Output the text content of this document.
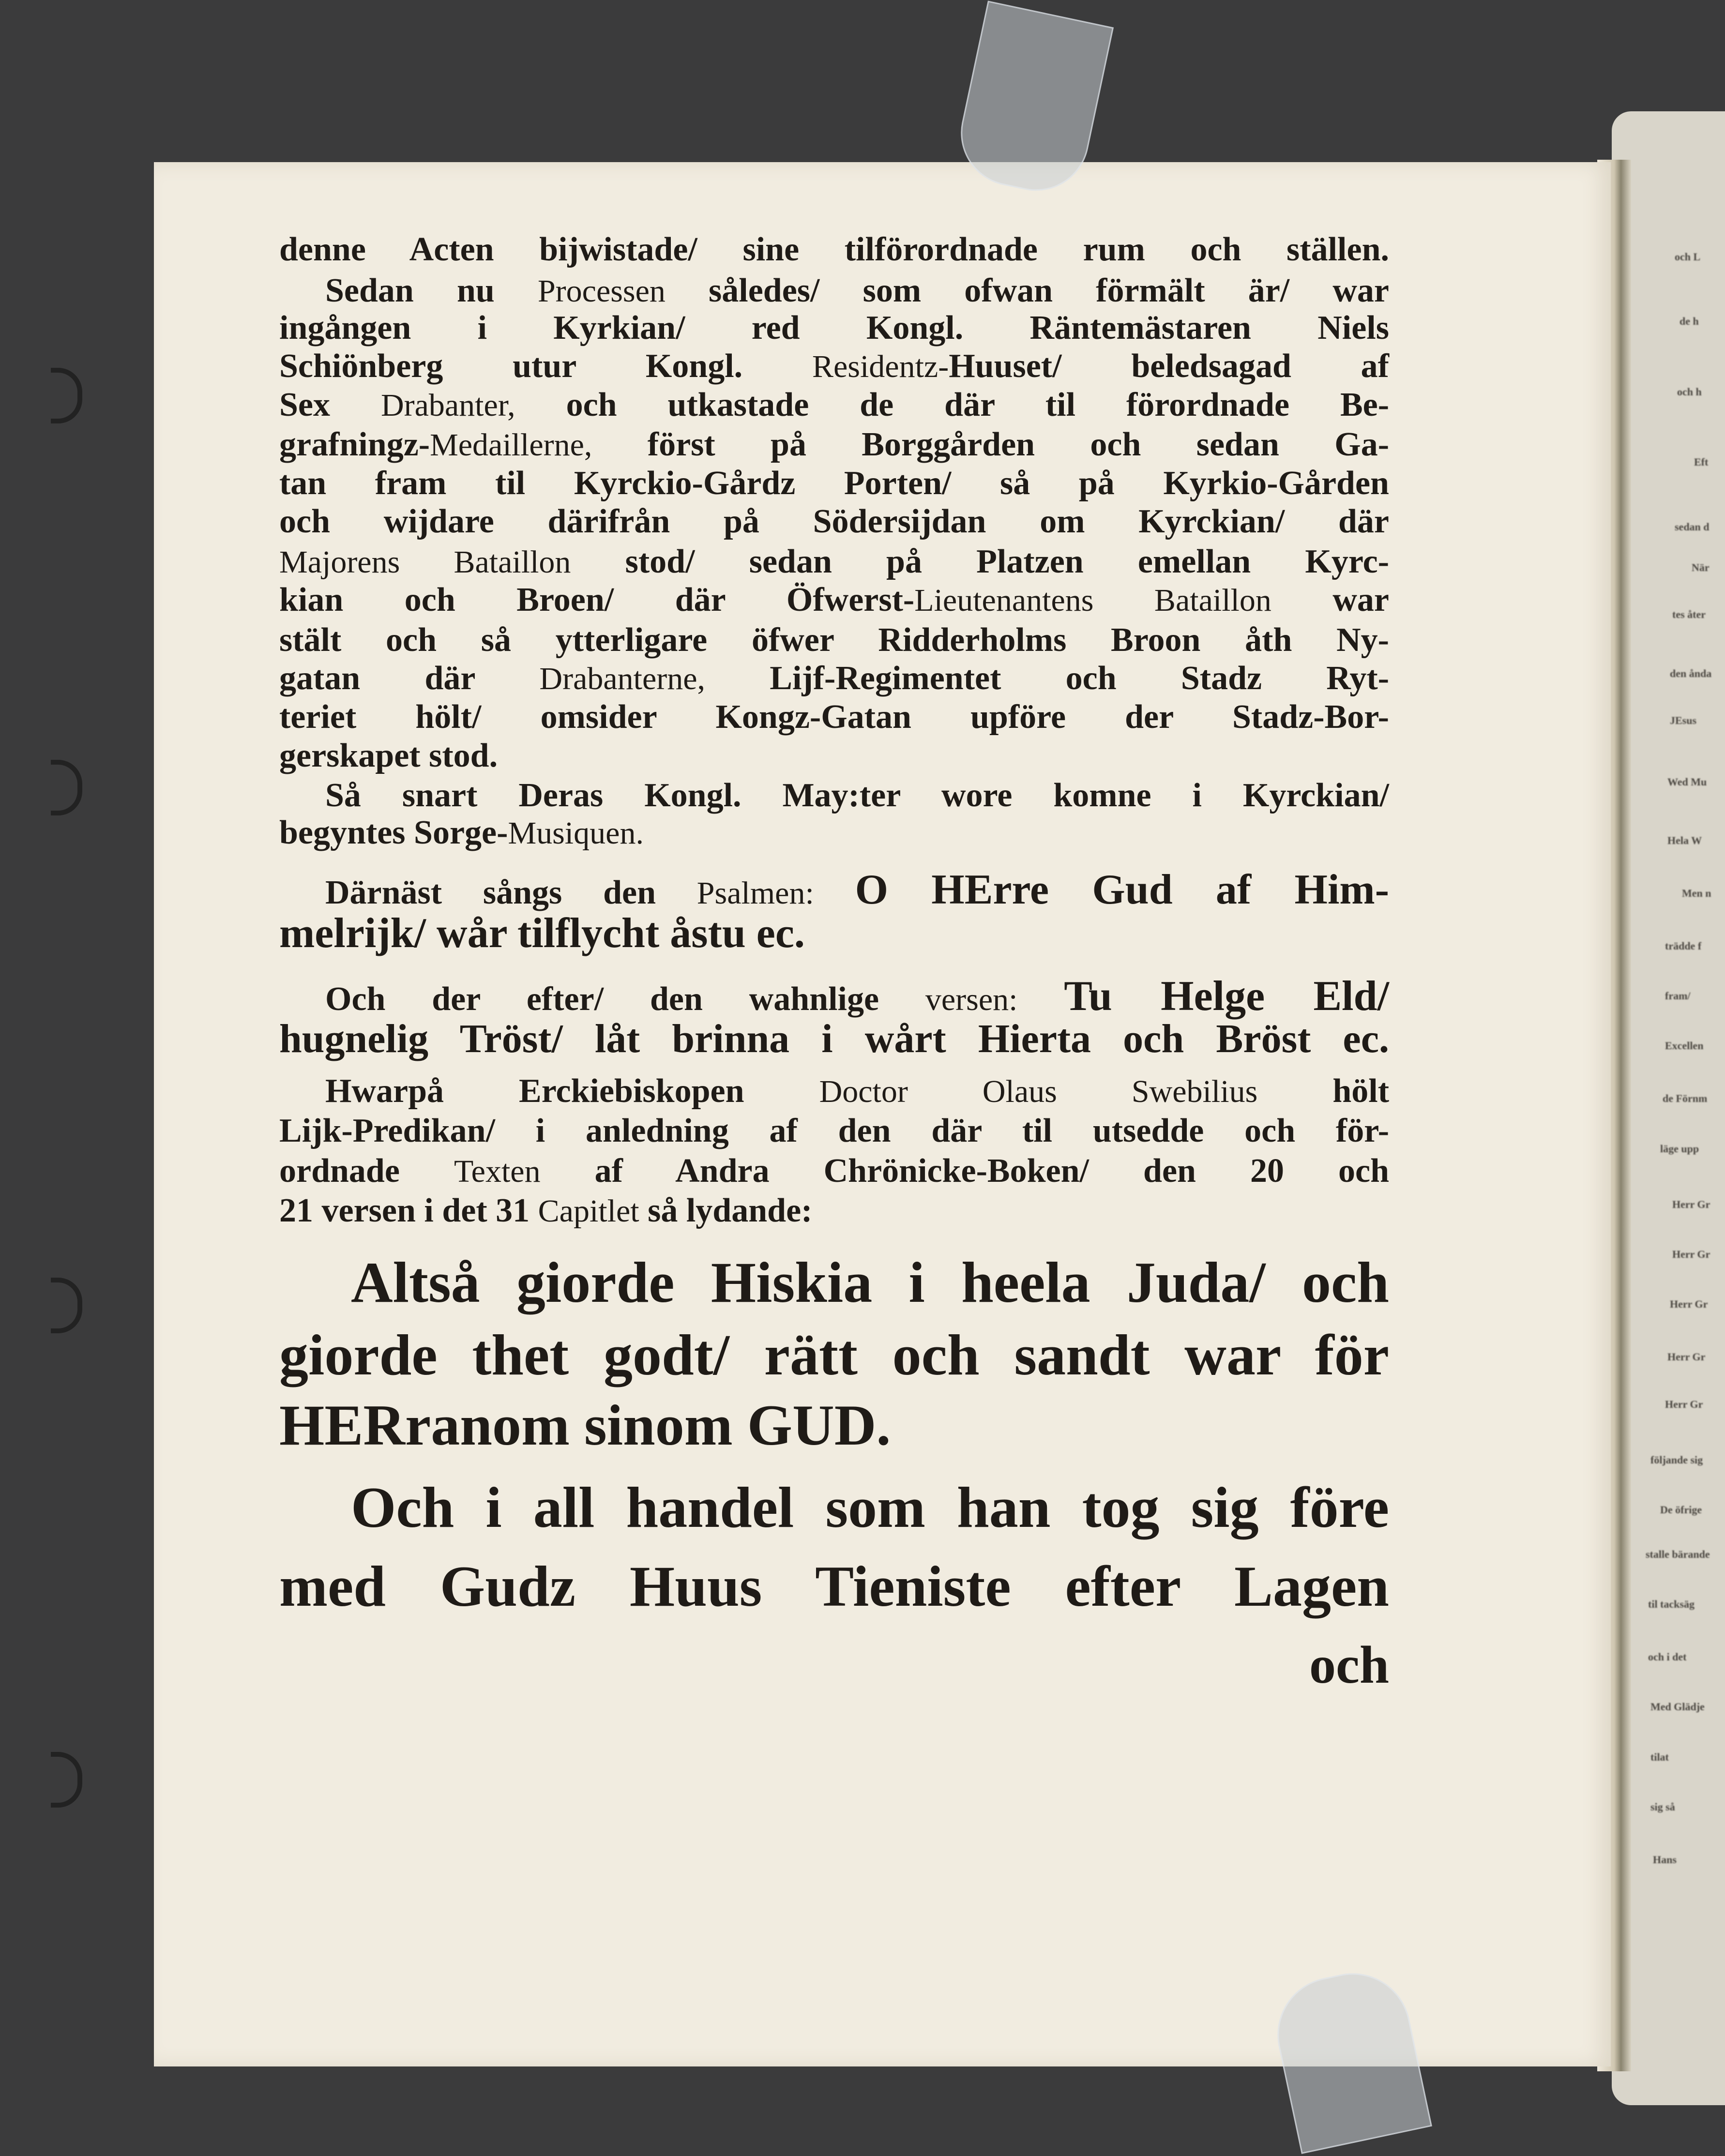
denne Acten bijwistade/ sine tilförordnade rum och ställen.
Sedan nu Processen således/ som ofwan förmält är/ war
ingången i Kyrkian/ red Kongl. Räntemästaren Niels
Schiönberg utur Kongl. Residentz-Huuset/ beledsagad af
Sex Drabanter, och utkastade de där til förordnade Be-
grafningz-Medaillerne, först på Borggården och sedan Ga-
tan fram til Kyrckio-Gårdz Porten/ så på Kyrkio-Gården
och wijdare därifrån på Södersijdan om Kyrckian/ där
Majorens Bataillon stod/ sedan på Platzen emellan Kyrc-
kian och Broen/ där Öfwerst-Lieutenantens Bataillon war
stält och så ytterligare öfwer Ridderholms Broon åth Ny-
gatan där Drabanterne, Lijf-Regimentet och Stadz Ryt-
teriet hölt/ omsider Kongz-Gatan upföre der Stadz-Bor-
gerskapet stod.
Så snart Deras Kongl. May:ter wore komne i Kyrckian/
begyntes Sorge-Musiquen.
Därnäst sångs den Psalmen: O HErre Gud af Him-
melrijk/ wår tilflycht åstu ec.
Och der efter/ den wahnlige versen: Tu Helge Eld/
hugnelig Tröst/ låt brinna i wårt Hierta och Bröst ec.
Hwarpå Erckiebiskopen Doctor Olaus Swebilius hölt
Lijk-Predikan/ i anledning af den där til utsedde och för-
ordnade Texten af Andra Chrönicke-Boken/ den 20 och
21 versen i det 31 Capitlet så lydande:
Altså giorde Hiskia i heela Juda/ och
giorde thet godt/ rätt och sandt war för
HERranom sinom GUD.
Och i all handel som han tog sig före
med Gudz Huus Tieniste efter Lagen
och
och L
de h
och h
Eft
sedan d
När
tes åter
den ånda
JEsus
Wed Mu
Hela W
Men n
trädde f
fram/
Excellen
de Förnm
läge upp
Herr Gr
Herr Gr
Herr Gr
Herr Gr
Herr Gr
följande sig
De öfrige
stalle bärande
til tacksäg
och i det
Med Glädje
tilat
sig så
Hans
